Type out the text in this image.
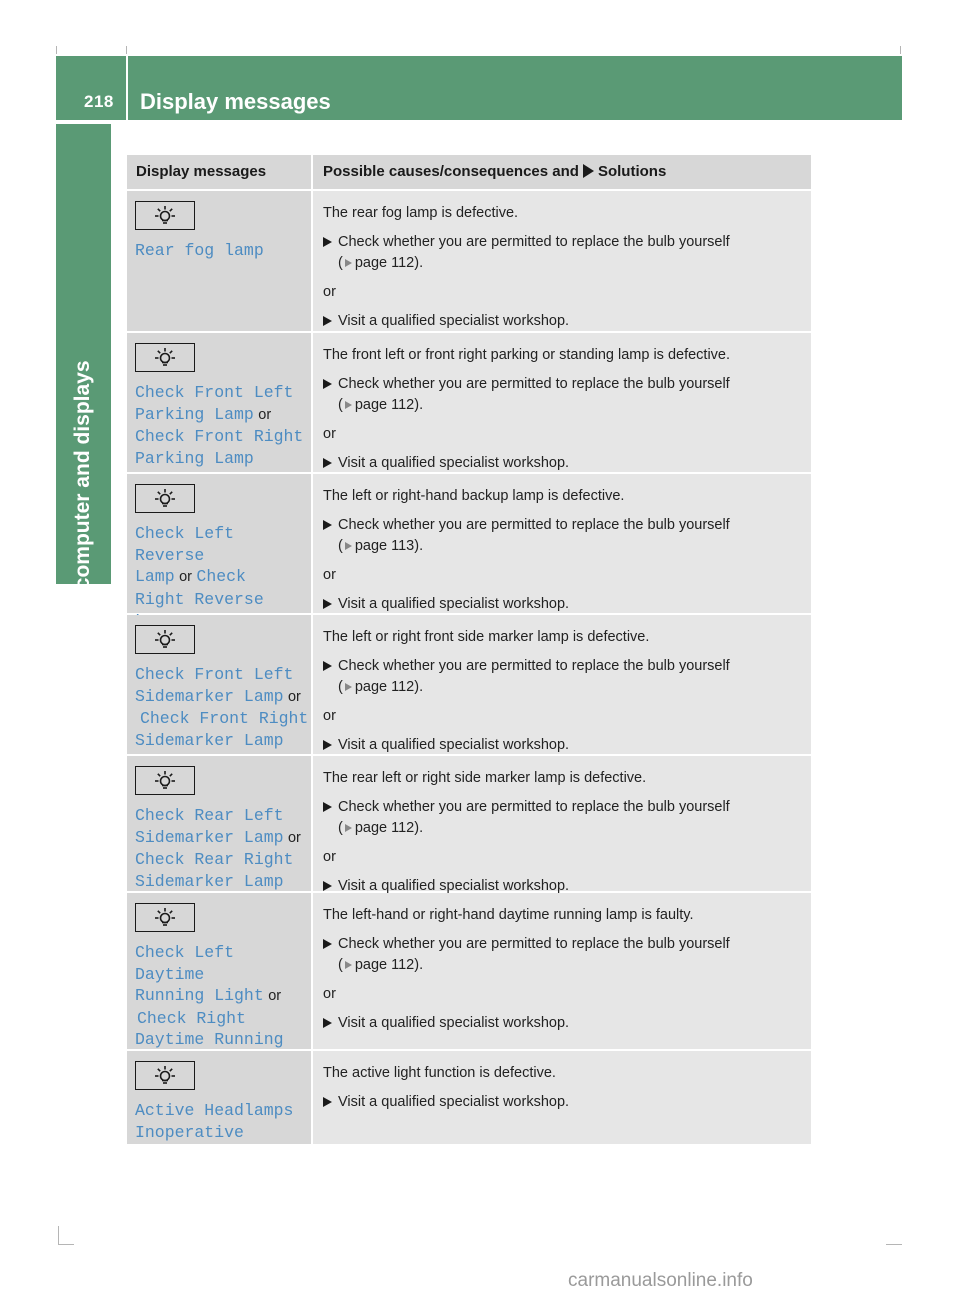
218 Display messages
On-board computer and displays
Display messages	Possible causes/consequences and Solutions
Rear fog lamp

The rear fog lamp is defective.

Check whether you are permitted to replace the bulb yourself
( page 112).

or

Visit a qualified specialist workshop.
Check Front Left
Parking Lamp or
Check Front Right
Parking Lamp

The front left or front right parking or standing lamp is defective.

Check whether you are permitted to replace the bulb yourself
( page 112).

or

Visit a qualified specialist workshop.
Check Left Reverse
Lamp or Check
Right Reverse

The left or right-hand backup lamp is defective.

Check whether you are permitted to replace the bulb yourself
( page 113).

or

Visit a qualified specialist workshop.
Check Front Left
Sidemarker Lamp or
Check Front Right
Sidemarker Lamp

The left or right front side marker lamp is defective.

Check whether you are permitted to replace the bulb yourself
( page 112).

or

Visit a qualified specialist workshop.
Check Rear Left
Sidemarker Lamp or
Check Rear Right
Sidemarker Lamp

The rear left or right side marker lamp is defective.

Check whether you are permitted to replace the bulb yourself
( page 112).

or

Visit a qualified specialist workshop.
Check Left Daytime
Running Light or
Check Right
Daytime Running

The left-hand or right-hand daytime running lamp is faulty.

Check whether you are permitted to replace the bulb yourself
( page 112).

or

Visit a qualified specialist workshop.
Active Headlamps
Inoperative

The active light function is defective.

Visit a qualified specialist workshop.
carmanualsonline.info
